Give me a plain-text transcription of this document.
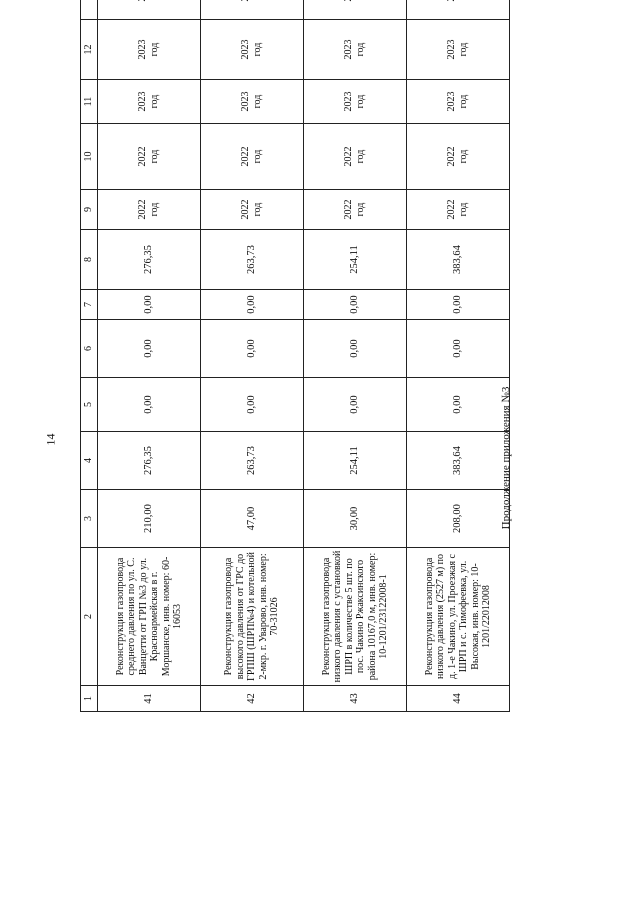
14	Продолжение приложения №3
1	2	3	4	5	6	7	8	9	10	11	12	
41	Реконструкция газопровода среднего давления по ул. С. Ванцетти от ГРП №3 до ул. Красноармейская в г. Моршанске, инв. номер: 60-16053	210,00	276,35	0,00	0,00	0,00	276,35	2022 год	2022 год	2023 год	2023 год

42	Реконструкция газопровода высокого давления от ГРС до ГРПШ (ШРП№4) и котельной 2-мкр. г. Уварово, инв. номер: 70-31026	47,00	263,73	0,00	0,00	0,00	263,73	2022 год	2022 год	2023 год	2023 год

43	Реконструкция газопровода низкого давления с установкой ШРП в количестве 5 шт. по пос. Чакино Ржаксинского района 10167,0 м, инв. номер: 10-1201/23122008-1	30,00	254,11	0,00	0,00	0,00	254,11	2022 год	2022 год	2023 год	2023 год

44	Реконструкция газопровода низкого давления (2527 м) по д. 1-е Чакино, ул. Проезжая с ШРП и с. Тимофеевка, ул. Высокая, инв. номер: 10-1201/22012008	208,00	383,64	0,00	0,00	0,00	383,64	2022 год	2022 год	2023 год	2023 год
